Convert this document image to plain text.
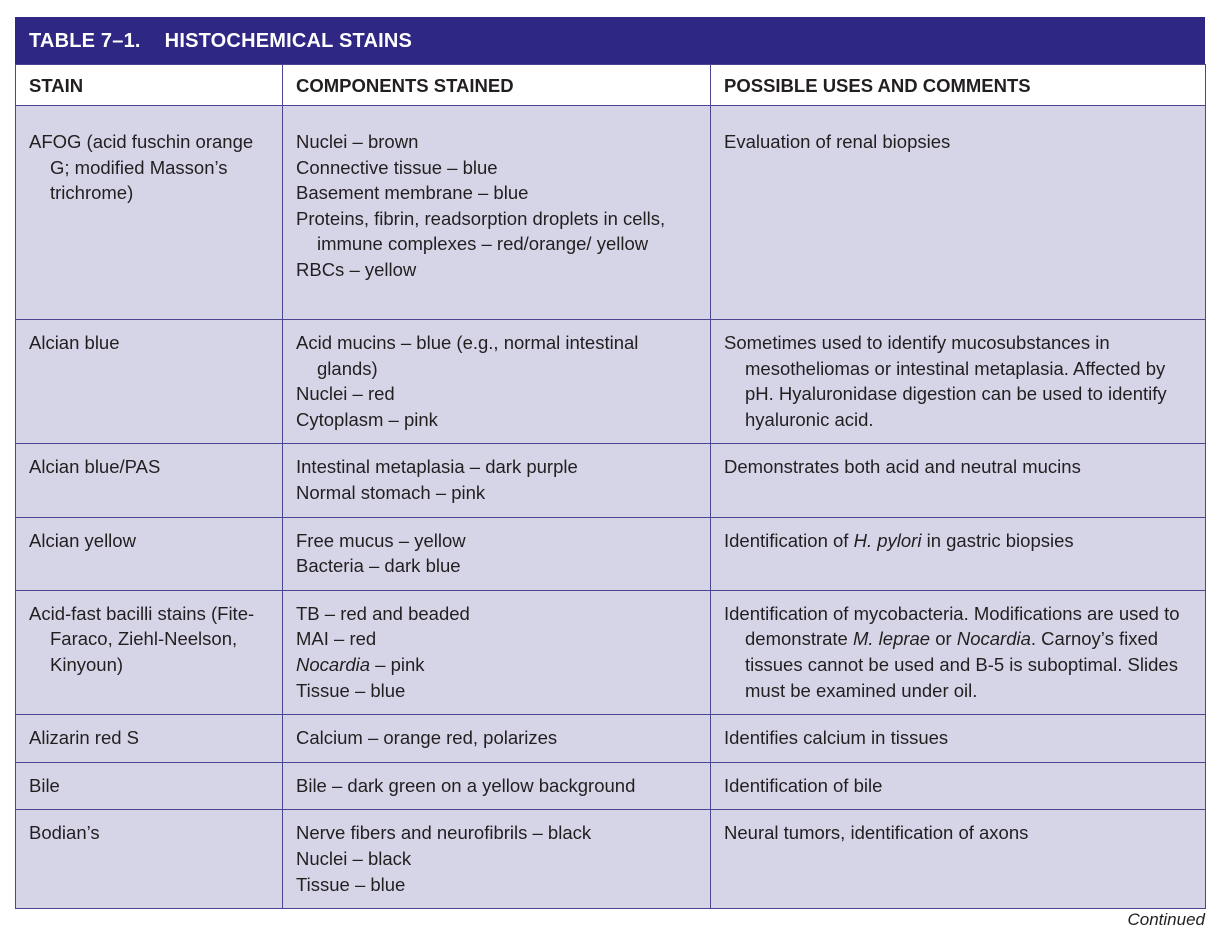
TABLE 7–1. HISTOCHEMICAL STAINS
STAIN	COMPONENTS STAINED	POSSIBLE USES AND COMMENTS

AFOG (acid fuschin orange G; modified Masson’s trichrome)	Nuclei – brown
Connective tissue – blue
Basement membrane – blue
Proteins, fibrin, readsorption droplets in cells, immune complexes – red/orange/ yellow
RBCs – yellow	Evaluation of renal biopsies

Alcian blue	Acid mucins – blue (e.g., normal intestinal glands)
Nuclei – red
Cytoplasm – pink	Sometimes used to identify mucosubstances in mesotheliomas or intestinal metaplasia. Affected by pH. Hyaluronidase digestion can be used to identify hyaluronic acid.

Alcian blue/PAS	Intestinal metaplasia – dark purple
Normal stomach – pink	Demonstrates both acid and neutral mucins

Alcian yellow	Free mucus – yellow
Bacteria – dark blue	Identification of H. pylori in gastric biopsies

Acid-fast bacilli stains (Fite-Faraco, Ziehl-Neelson, Kinyoun)	TB – red and beaded
MAI – red
Nocardia – pink
Tissue – blue	Identification of mycobacteria. Modifications are used to demonstrate M. leprae or Nocardia. Carnoy’s fixed tissues cannot be used and B-5 is suboptimal. Slides must be examined under oil.

Alizarin red S	Calcium – orange red, polarizes	Identifies calcium in tissues

Bile	Bile – dark green on a yellow background	Identification of bile

Bodian’s	Nerve fibers and neurofibrils – black
Nuclei – black
Tissue – blue	Neural tumors, identification of axons
Continued
